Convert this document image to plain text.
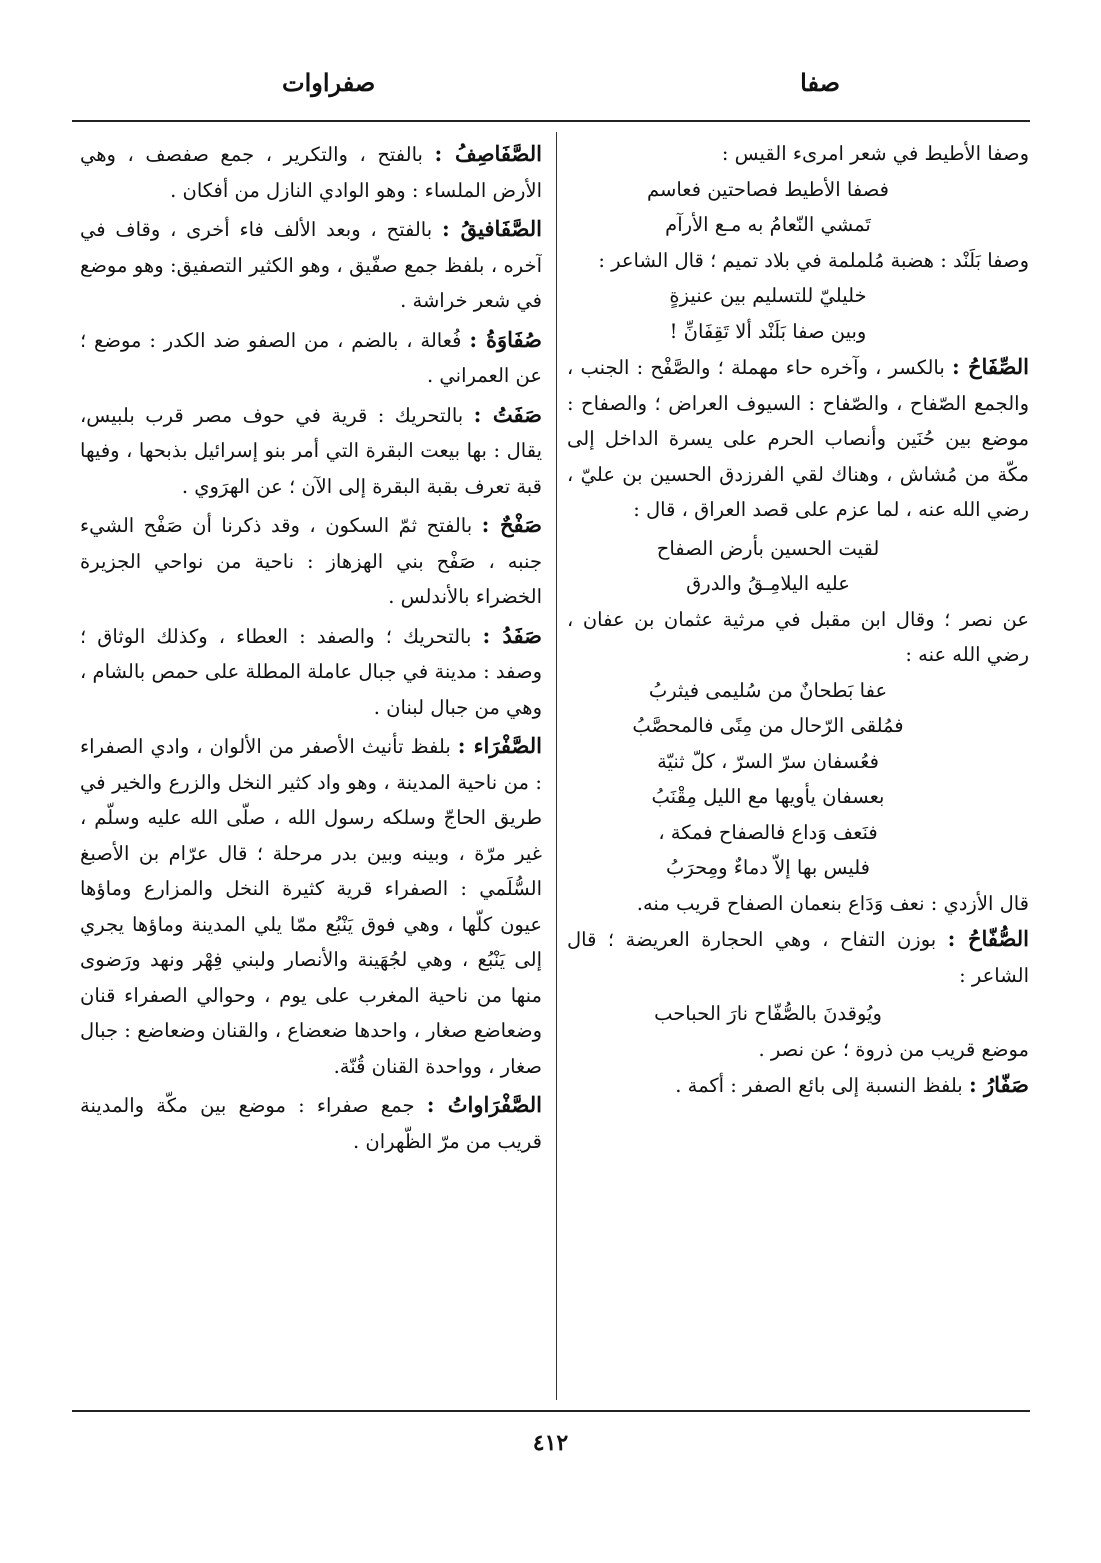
صفا
صفراوات

وصفا الأطيط في شعر امرىء القيس :

فصفا الأطيط فصاحتين فعاسم

تَمشي النّعامُ به مـع الأرآم

وصفا بَلَنْد : هضبة مُلملمة في بلاد تميم ؛ قال الشاعر :

خليليّ للتسليم بين عنيزةٍ

وبين صفا بَلَنْد ألا تَقِفَانِّ !

الصِّفَاحُ : بالكسر ، وآخره حاء مهملة ؛ والصَّفْح : الجنب ، والجمع الصّفاح ، والصّفاح : السيوف العراض ؛ والصفاح : موضع بين حُنَين وأنصاب الحرم على يسرة الداخل إلى مكّة من مُشاش ، وهناك لقي الفرزدق الحسين بن عليّ ، رضي الله عنه ، لما عزم على قصد العراق ، قال :

لقيت الحسين بأرض الصفاح

عليه اليلامِـقُ والدرق

عن نصر ؛ وقال ابن مقبل في مرثية عثمان بن عفان ، رضي الله عنه :

عفا بَطحانٌ من سُليمى فيثربُ

فمُلقى الرّحال من مِنًى فالمحصَّبُ

فعُسفان سرّ السرّ ، كلّ ثنيّة

بعسفان يأويها مع الليل مِقْنَبُ

فنَعف وَداع فالصفاح فمكة ،

فليس بها إلاّ دماءٌ ومِحرَبُ

قال الأزدي : نعف وَدَاع بنعمان الصفاح قريب منه.

الصُّفّاحُ : بوزن التفاح ، وهي الحجارة العريضة ؛ قال الشاعر :

ويُوقدنَ بالصُّفّاح نارَ الحباحب

موضع قريب من ذروة ؛ عن نصر .

صَفّارُ : بلفظ النسبة إلى بائع الصفر : أكمة .

الصَّفَاصِفُ : بالفتح ، والتكرير ، جمع صفصف ، وهي الأرض الملساء : وهو الوادي النازل من أفكان .

الصَّفَافيقُ : بالفتح ، وبعد الألف فاء أخرى ، وقاف في آخره ، بلفظ جمع صفّيق ، وهو الكثير التصفيق: وهو موضع في شعر خراشة .

صُفَاوَةُ : فُعالة ، بالضم ، من الصفو ضد الكدر : موضع ؛ عن العمراني .

صَفَتُ : بالتحريك : قرية في حوف مصر قرب بلبيس، يقال : بها بيعت البقرة التي أمر بنو إسرائيل بذبحها ، وفيها قبة تعرف بقبة البقرة إلى الآن ؛ عن الهرَوي .

صَفْحٌ : بالفتح ثمّ السكون ، وقد ذكرنا أن صَفْح الشيء جنبه ، صَفْح بني الهزهاز : ناحية من نواحي الجزيرة الخضراء بالأندلس .

صَفَدُ : بالتحريك ؛ والصفد : العطاء ، وكذلك الوثاق ؛ وصفد : مدينة في جبال عاملة المطلة على حمص بالشام ، وهي من جبال لبنان .

الصَّفْرَاء : بلفظ تأنيث الأصفر من الألوان ، وادي الصفراء : من ناحية المدينة ، وهو واد كثير النخل والزرع والخير في طريق الحاجّ وسلكه رسول الله ، صلّى الله عليه وسلّم ، غير مرّة ، وبينه وبين بدر مرحلة ؛ قال عرّام بن الأصبغ السُّلَمي : الصفراء قرية كثيرة النخل والمزارع وماؤها عيون كلّها ، وهي فوق يَنْبُع ممّا يلي المدينة وماؤها يجري إلى يَنْبُع ، وهي لجُهَينة والأنصار ولبني فِهْر ونهد ورَضوى منها من ناحية المغرب على يوم ، وحوالي الصفراء قنان وضعاضع صغار ، واحدها ضعضاع ، والقنان وضعاضع : جبال صغار ، وواحدة القنان قُنّة.

الصَّفْرَاواتُ : جمع صفراء : موضع بين مكّة والمدينة قريب من مرّ الظّهران .

٤١٢
